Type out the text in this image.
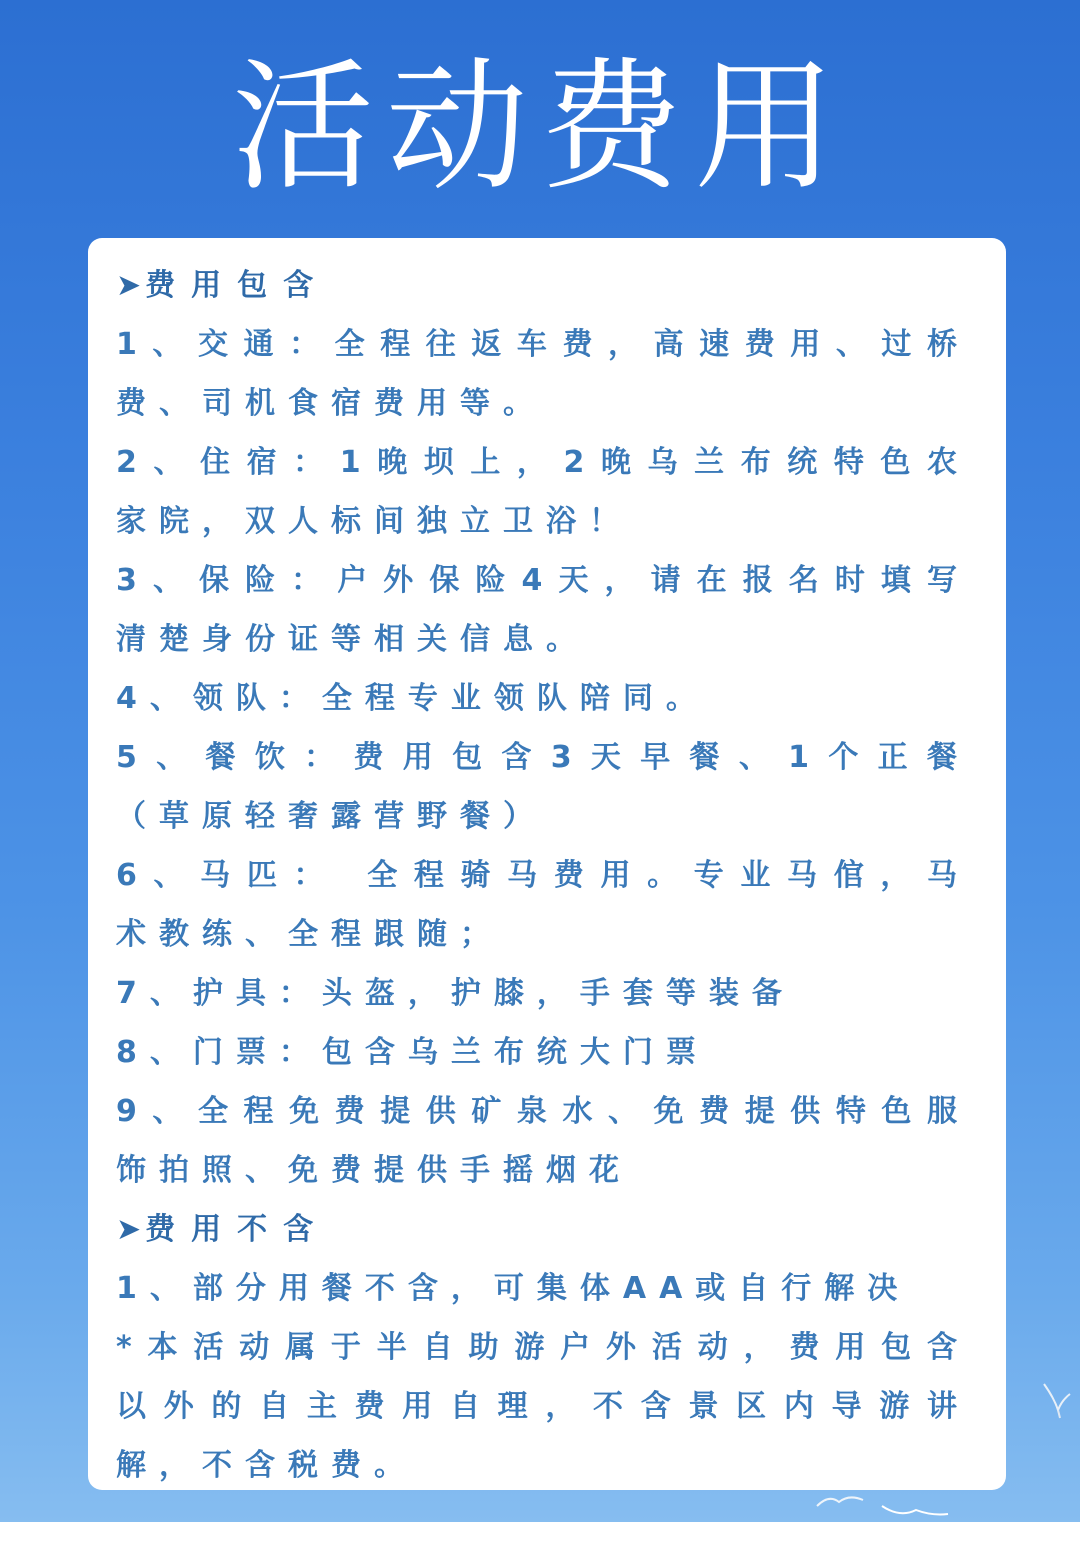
活动费用
➤ 费用包含
1、交通：全程往返车费，高速费用、过桥
费、司机食宿费用等。
2、住宿：1晚坝上，2晚乌兰布统特色农
家院，双人标间独立卫浴！
3、保险：户外保险4天，请在报名时填写
清楚身份证等相关信息。
4、领队：全程专业领队陪同。
5、餐饮：费用包含3天早餐、1个正餐
（草原轻奢露营野餐）
6、马匹： 全程骑马费用。专业马倌，马
术教练、全程跟随；
7、护具：头盔，护膝，手套等装备
8、门票：包含乌兰布统大门票
9、全程免费提供矿泉水、免费提供特色服
饰拍照、免费提供手摇烟花
➤ 费用不含
1、部分用餐不含，可集体AA或自行解决
*本活动属于半自助游户外活动，费用包含
以外的自主费用自理，不含景区内导游讲
解，不含税费。
